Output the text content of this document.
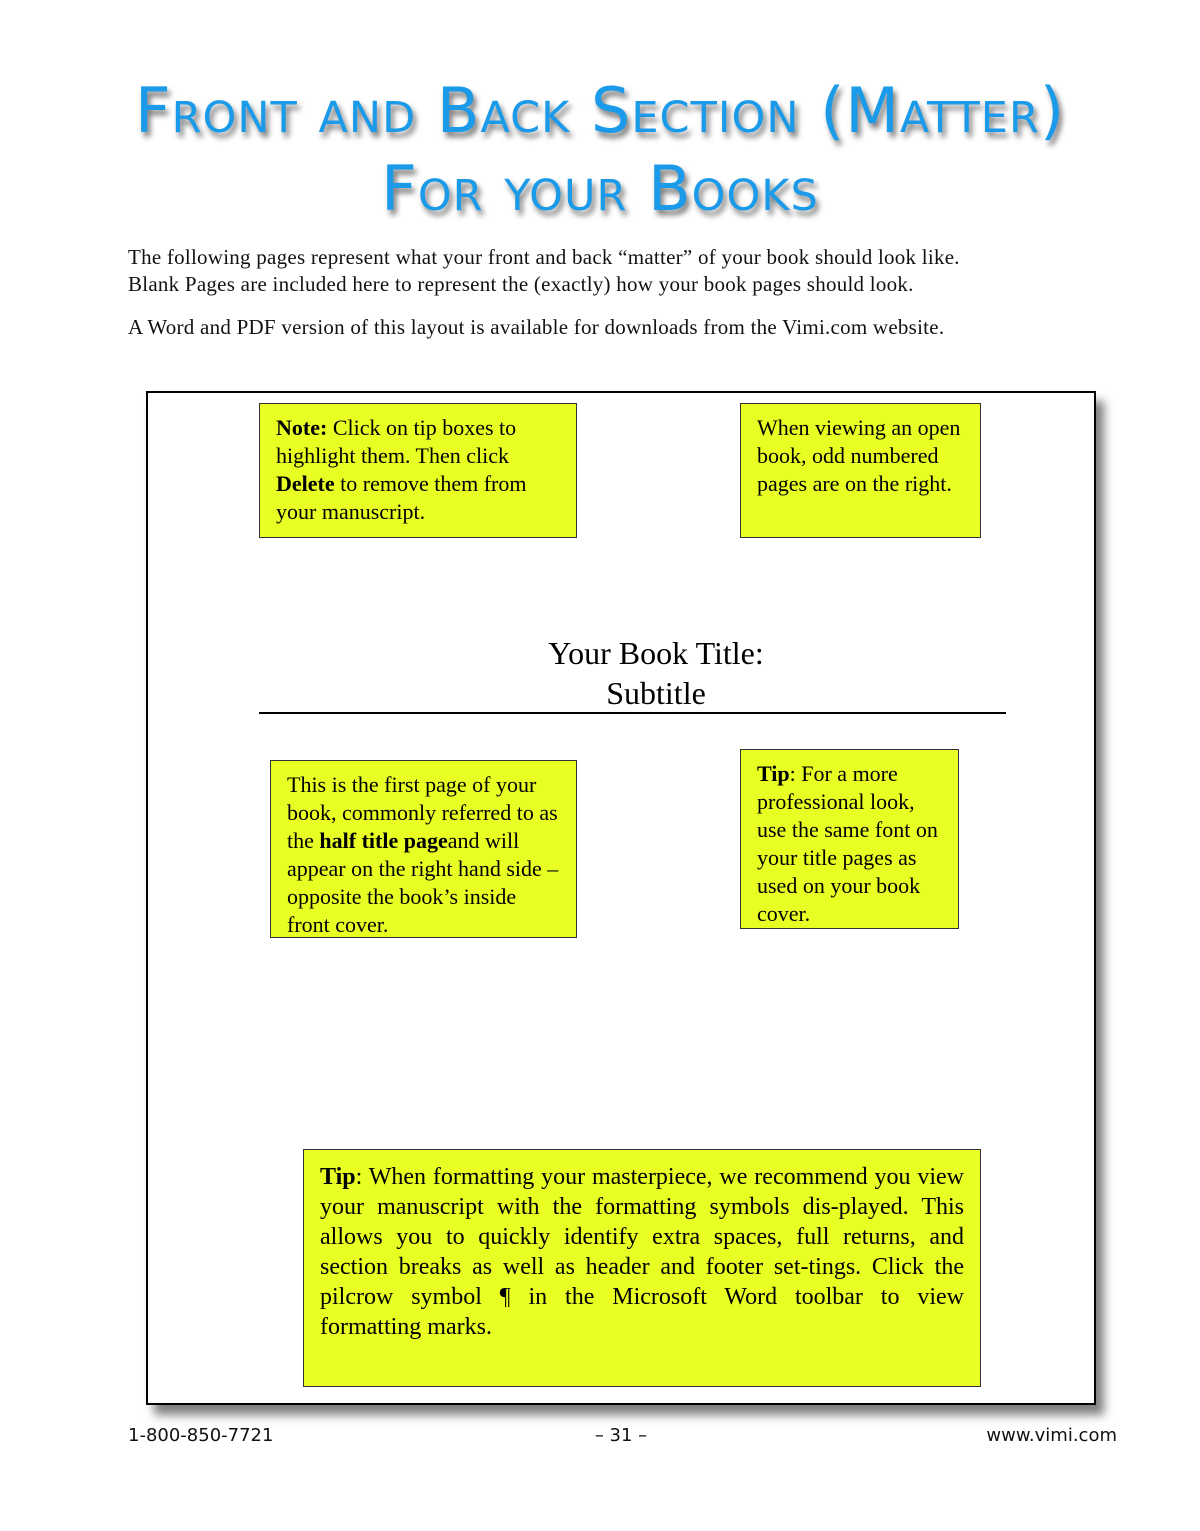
Front and Back Section (Matter)
For your Books
The following pages represent what your front and back “matter” of your book should look like.
Blank Pages are included here to represent the (exactly) how your book pages should look.
A Word and PDF version of this layout is available for downloads from the Vimi.com website.
Note: Click on tip boxes to highlight them. Then click Delete to remove them from your manuscript.
When viewing an open book, odd numbered pages are on the right.
Your Book Title:
Subtitle
This is the first page of your book, commonly referred to as the half title pageand will appear on the right hand side – opposite the book’s inside front cover.
Tip: For a more professional look, use the same font on your title pages as used on your book cover.
Tip: When formatting your masterpiece, we recommend you view your manuscript with the formatting symbols dis-played. This allows you to quickly identify extra spaces, full returns, and section breaks as well as header and footer set-tings. Click the pilcrow symbol ¶ in the Microsoft Word toolbar to view formatting marks.
1-800-850-7721	– 31 –	www.vimi.com
